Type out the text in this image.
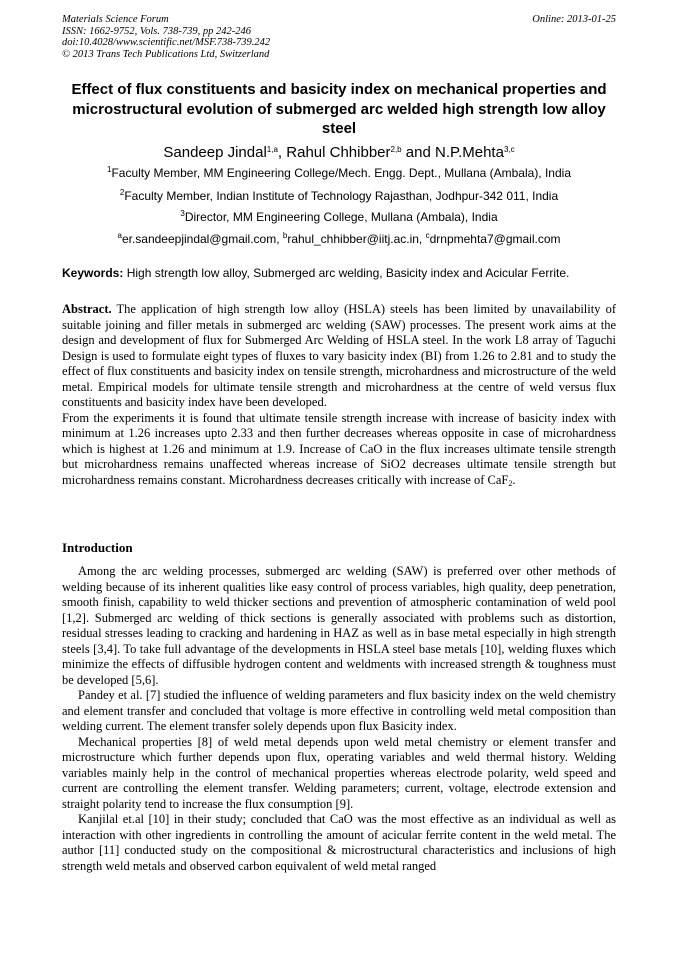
Materials Science Forum
ISSN: 1662-9752, Vols. 738-739, pp 242-246
doi:10.4028/www.scientific.net/MSF.738-739.242
© 2013 Trans Tech Publications Ltd, Switzerland
Online: 2013-01-25
Effect of flux constituents and basicity index on mechanical properties and microstructural evolution of submerged arc welded high strength low alloy steel
Sandeep Jindal$^{1,a}$, Rahul Chhibber$^{2,b}$ and N.P.Mehta$^{3,c}$
$^1$Faculty Member, MM Engineering College/Mech. Engg. Dept., Mullana (Ambala), India
$^2$Faculty Member, Indian Institute of Technology Rajasthan, Jodhpur-342 011, India
$^3$Director, MM Engineering College, Mullana (Ambala), India
$^a$er.sandeepjindal@gmail.com, $^b$rahul_chhibber@iitj.ac.in, $^c$drnpmehta7@gmail.com
Keywords: High strength low alloy, Submerged arc welding, Basicity index and Acicular Ferrite.

Abstract. The application of high strength low alloy (HSLA) steels has been limited by unavailability of suitable joining and filler metals in submerged arc welding (SAW) processes. The present work aims at the design and development of flux for Submerged Arc Welding of HSLA steel. In the work L8 array of Taguchi Design is used to formulate eight types of fluxes to vary basicity index (BI) from 1.26 to 2.81 and to study the effect of flux constituents and basicity index on tensile strength, microhardness and microstructure of the weld metal. Empirical models for ultimate tensile strength and microhardness at the centre of weld versus flux constituents and basicity index have been developed.

From the experiments it is found that ultimate tensile strength increase with increase of basicity index with minimum at 1.26 increases upto 2.33 and then further decreases whereas opposite in case of microhardness which is highest at 1.26 and minimum at 1.9. Increase of CaO in the flux increases ultimate tensile strength but microhardness remains unaffected whereas increase of SiO2 decreases ultimate tensile strength but microhardness remains constant. Microhardness decreases critically with increase of CaF$_2$.

Introduction

Among the arc welding processes, submerged arc welding (SAW) is preferred over other methods of welding because of its inherent qualities like easy control of process variables, high quality, deep penetration, smooth finish, capability to weld thicker sections and prevention of atmospheric contamination of weld pool [1,2]. Submerged arc welding of thick sections is generally associated with problems such as distortion, residual stresses leading to cracking and hardening in HAZ as well as in base metal especially in high strength steels [3,4]. To take full advantage of the developments in HSLA steel base metals [10], welding fluxes which minimize the effects of diffusible hydrogen content and weldments with increased strength & toughness must be developed [5,6].

Pandey et al. [7] studied the influence of welding parameters and flux basicity index on the weld chemistry and element transfer and concluded that voltage is more effective in controlling weld metal composition than welding current. The element transfer solely depends upon flux Basicity index.

Mechanical properties [8] of weld metal depends upon weld metal chemistry or element transfer and microstructure which further depends upon flux, operating variables and weld thermal history. Welding variables mainly help in the control of mechanical properties whereas electrode polarity, weld speed and current are controlling the element transfer. Welding parameters; current, voltage, electrode extension and straight polarity tend to increase the flux consumption [9].

Kanjilal et.al [10] in their study; concluded that CaO was the most effective as an individual as well as interaction with other ingredients in controlling the amount of acicular ferrite content in the weld metal. The author [11] conducted study on the compositional & microstructural characteristics and inclusions of high strength weld metals and observed carbon equivalent of weld metal ranged
